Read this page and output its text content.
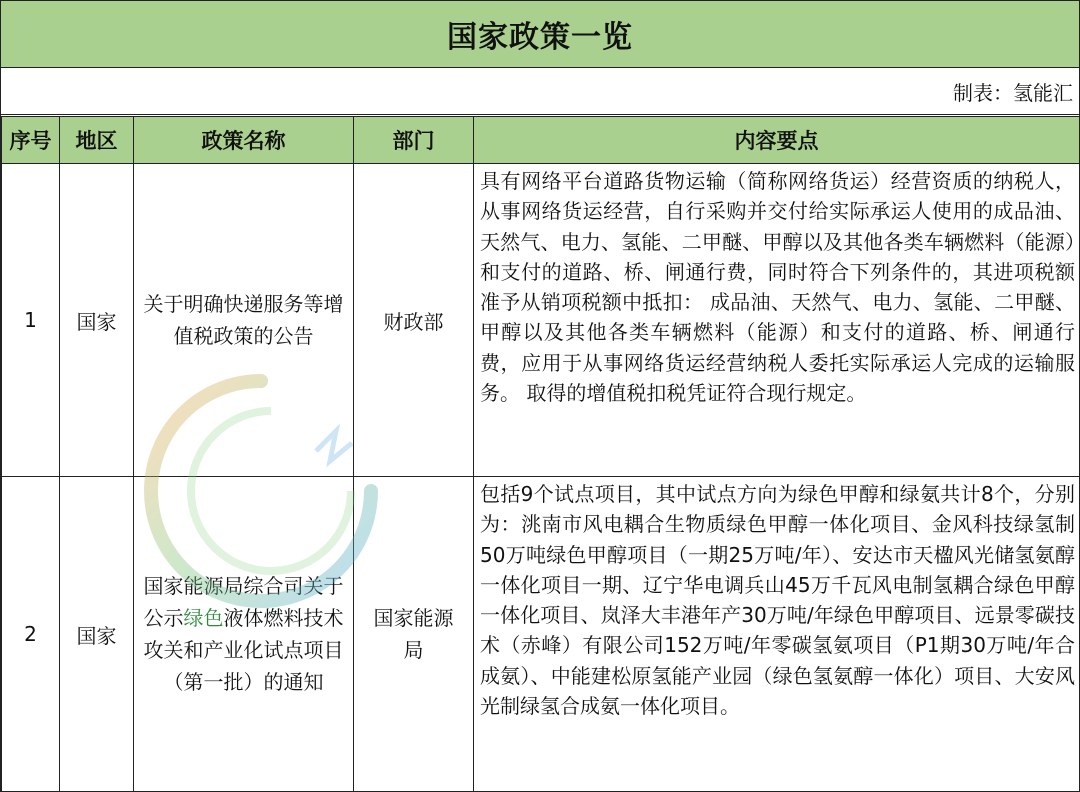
国家政策一览
制表：氢能汇
序号	地区	政策名称	部门	内容要点
1	国家	关于明确快递服务等增值税政策的公告	财政部	具有网络平台道路货物运输（简称网络货运）经营资质的纳税人，从事网络货运经营，自行采购并交付给实际承运人使用的成品油、天然气、电力、氢能、二甲醚、甲醇以及其他各类车辆燃料（能源）和支付的道路、桥、闸通行费，同时符合下列条件的，其进项税额准予从销项税额中抵扣： 成品油、天然气、电力、氢能、二甲醚、甲醇以及其他各类车辆燃料（能源）和支付的道路、桥、闸通行费，应用于从事网络货运经营纳税人委托实际承运人完成的运输服务。 取得的增值税扣税凭证符合现行规定。
2	国家	国家能源局综合司关于公示绿色液体燃料技术攻关和产业化试点项目（第一批）的通知	国家能源局	包括9个试点项目，其中试点方向为绿色甲醇和绿氨共计8个，分别为：洮南市风电耦合生物质绿色甲醇一体化项目、金风科技绿氢制50万吨绿色甲醇项目（一期25万吨/年）、安达市天楹风光储氢氨醇一体化项目一期、辽宁华电调兵山45万千瓦风电制氢耦合绿色甲醇一体化项目、岚泽大丰港年产30万吨/年绿色甲醇项目、远景零碳技术（赤峰）有限公司152万吨/年零碳氢氨项目（P1期30万吨/年合成氨）、中能建松原氢能产业园（绿色氢氨醇一体化）项目、大安风光制绿氢合成氨一体化项目。
